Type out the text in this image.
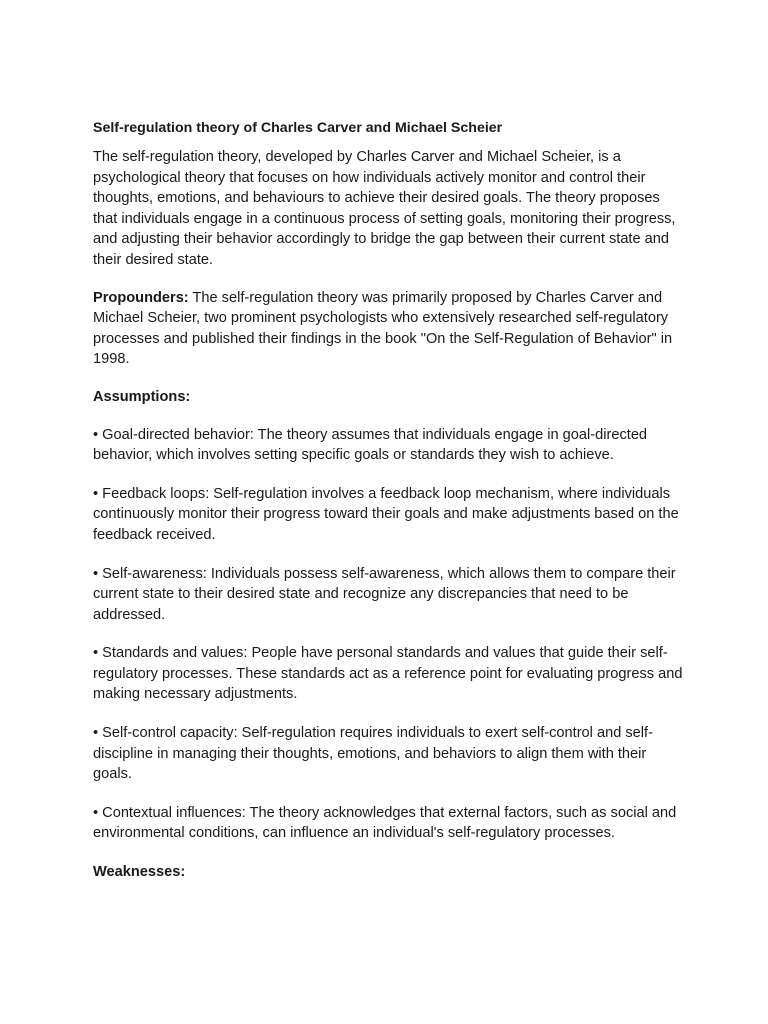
Self-regulation theory of Charles Carver and Michael Scheier

The self-regulation theory, developed by Charles Carver and Michael Scheier, is a psychological theory that focuses on how individuals actively monitor and control their thoughts, emotions, and behaviours to achieve their desired goals. The theory proposes that individuals engage in a continuous process of setting goals, monitoring their progress, and adjusting their behavior accordingly to bridge the gap between their current state and their desired state.

Propounders: The self-regulation theory was primarily proposed by Charles Carver and Michael Scheier, two prominent psychologists who extensively researched self-regulatory processes and published their findings in the book "On the Self-Regulation of Behavior" in 1998.

Assumptions:
• Goal-directed behavior: The theory assumes that individuals engage in goal-directed behavior, which involves setting specific goals or standards they wish to achieve.
• Feedback loops: Self-regulation involves a feedback loop mechanism, where individuals continuously monitor their progress toward their goals and make adjustments based on the feedback received.
• Self-awareness: Individuals possess self-awareness, which allows them to compare their current state to their desired state and recognize any discrepancies that need to be addressed.
• Standards and values: People have personal standards and values that guide their self-regulatory processes. These standards act as a reference point for evaluating progress and making necessary adjustments.
• Self-control capacity: Self-regulation requires individuals to exert self-control and self-discipline in managing their thoughts, emotions, and behaviors to align them with their goals.
• Contextual influences: The theory acknowledges that external factors, such as social and environmental conditions, can influence an individual's self-regulatory processes.
Weaknesses:
